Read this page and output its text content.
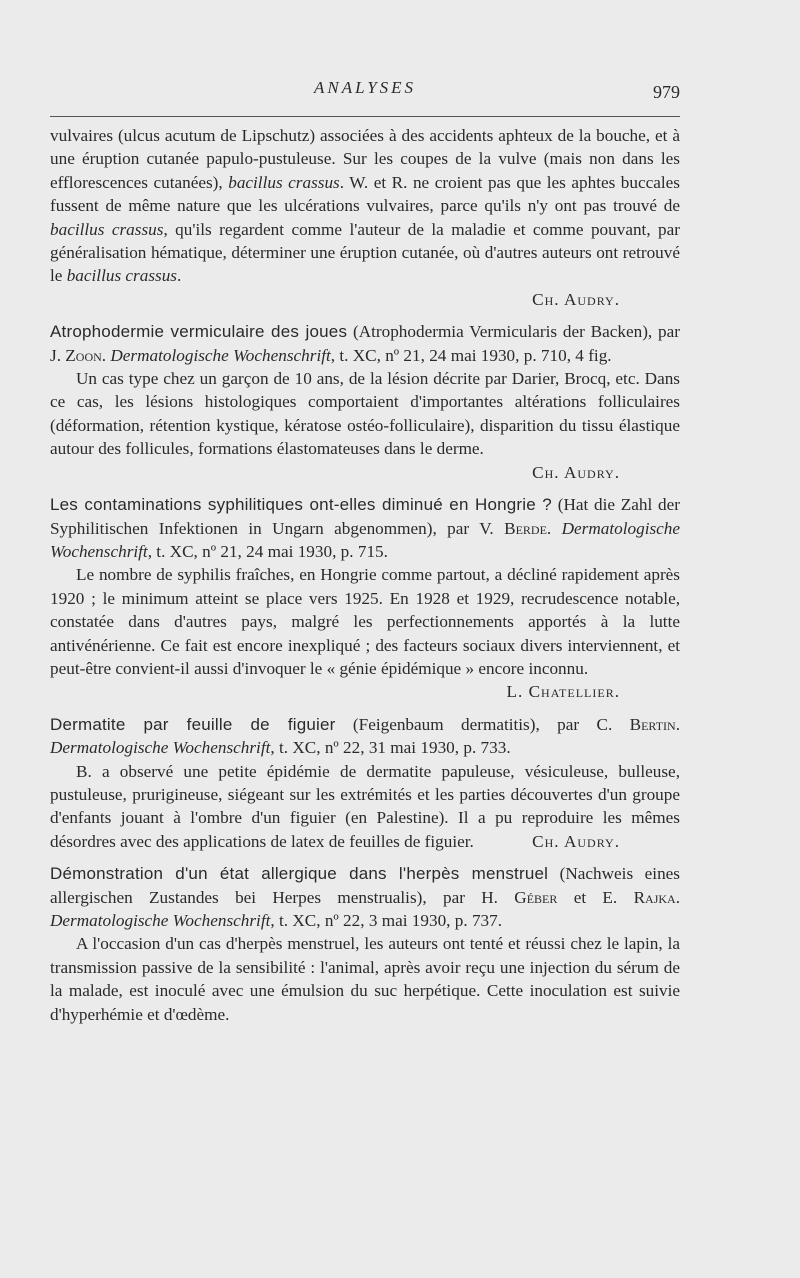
ANALYSES	979

vulvaires (ulcus acutum de Lipschutz) associées à des accidents aphteux de la bouche, et à une éruption cutanée papulo-pustuleuse. Sur les coupes de la vulve (mais non dans les efflorescences cutanées), bacillus crassus. W. et R. ne croient pas que les aphtes buccales fussent de même nature que les ulcérations vulvaires, parce qu'ils n'y ont pas trouvé de bacillus crassus, qu'ils regardent comme l'auteur de la maladie et comme pouvant, par généralisation hématique, déterminer une éruption cutanée, où d'autres auteurs ont retrouvé le bacillus crassus.

Ch. Audry.

Atrophodermie vermiculaire des joues (Atrophodermia Vermicularis der Backen), par J. Zoon. Dermatologische Wochenschrift, t. XC, nº 21, 24 mai 1930, p. 710, 4 fig.

Un cas type chez un garçon de 10 ans, de la lésion décrite par Darier, Brocq, etc. Dans ce cas, les lésions histologiques comportaient d'importantes altérations folliculaires (déformation, rétention kystique, kératose ostéo-folliculaire), disparition du tissu élastique autour des follicules, formations élastomateuses dans le derme.

Ch. Audry.

Les contaminations syphilitiques ont-elles diminué en Hongrie ? (Hat die Zahl der Syphilitischen Infektionen in Ungarn abgenommen), par V. Berde. Dermatologische Wochenschrift, t. XC, nº 21, 24 mai 1930, p. 715.

Le nombre de syphilis fraîches, en Hongrie comme partout, a décliné rapidement après 1920 ; le minimum atteint se place vers 1925. En 1928 et 1929, recrudescence notable, constatée dans d'autres pays, malgré les perfectionnements apportés à la lutte antivénérienne. Ce fait est encore inexpliqué ; des facteurs sociaux divers interviennent, et peut-être convient-il aussi d'invoquer le « génie épidémique » encore inconnu.
L. Chatellier.

Dermatite par feuille de figuier (Feigenbaum dermatitis), par C. Bertin. Dermatologische Wochenschrift, t. XC, nº 22, 31 mai 1930, p. 733.

B. a observé une petite épidémie de dermatite papuleuse, vésiculeuse, bulleuse, pustuleuse, prurigineuse, siégeant sur les extrémités et les parties découvertes d'un groupe d'enfants jouant à l'ombre d'un figuier (en Palestine). Il a pu reproduire les mêmes désordres avec des applications de latex de feuilles de figuier.	Ch. Audry.

Démonstration d'un état allergique dans l'herpès menstruel (Nachweis eines allergischen Zustandes bei Herpes menstrualis), par H. Géber et E. Rajka. Dermatologische Wochenschrift, t. XC, nº 22, 3 mai 1930, p. 737.

A l'occasion d'un cas d'herpès menstruel, les auteurs ont tenté et réussi chez le lapin, la transmission passive de la sensibilité : l'animal, après avoir reçu une injection du sérum de la malade, est inoculé avec une émulsion du suc herpétique. Cette inoculation est suivie d'hyperhémie et d'œdème.
